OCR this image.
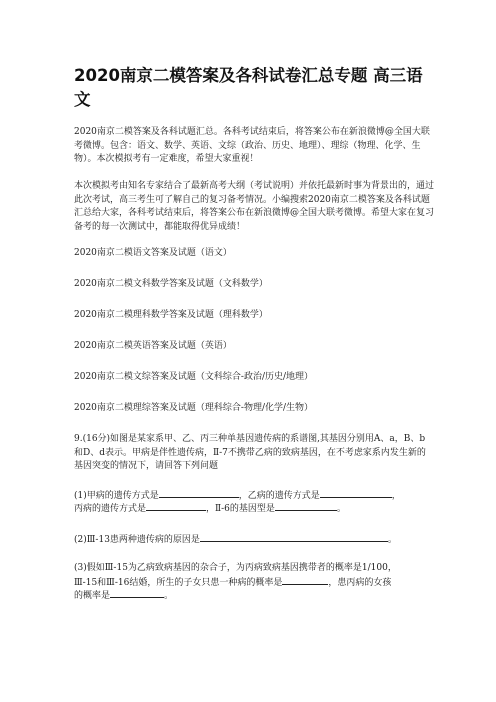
2020南京二模答案及各科试卷汇总专题 高三语文
2020南京二模答案及各科试题汇总。各科考试结束后，将答案公布在新浪微博@全国大联考微博。包含：语文、数学、英语、文综（政治、历史、地理）、理综（物理、化学、生物）。本次模拟考有一定难度，希望大家重视！
本次模拟考由知名专家结合了最新高考大纲（考试说明）并依托最新时事为背景出的，通过此次考试，高三考生可了解自己的复习备考情况。小编搜索2020南京二模答案及各科试题汇总给大家，各科考试结束后，将答案公布在新浪微博@全国大联考微博。希望大家在复习备考的每一次测试中，都能取得优异成绩！
2020南京二模语文答案及试题（语文）
2020南京二模文科数学答案及试题（文科数学）
2020南京二模理科数学答案及试题（理科数学）
2020南京二模英语答案及试题（英语）
2020南京二模文综答案及试题（文科综合-政治/历史/地理）
2020南京二模理综答案及试题（理科综合-物理/化学/生物）
9.(16分)如图是某家系甲、乙、丙三种单基因遗传病的系谱图,其基因分别用A、a，B、b和D、d表示。甲病是伴性遗传病，Ⅱ-7不携带乙病的致病基因，在不考虑家系内发生新的基因突变的情况下，请回答下列问题
(1)甲病的遗传方式是	，乙病的遗传方式是	，
丙病的遗传方式是	，Ⅱ-6的基因型是	。
(2)Ⅲ-13患两种遗传病的原因是	。
(3)假如Ⅲ-15为乙病致病基因的杂合子，为丙病致病基因携带者的概率是1/100，
Ⅲ-15和Ⅲ-16结婚，所生的子女只患一种病的概率是	，患丙病的女孩
的概率是	。
